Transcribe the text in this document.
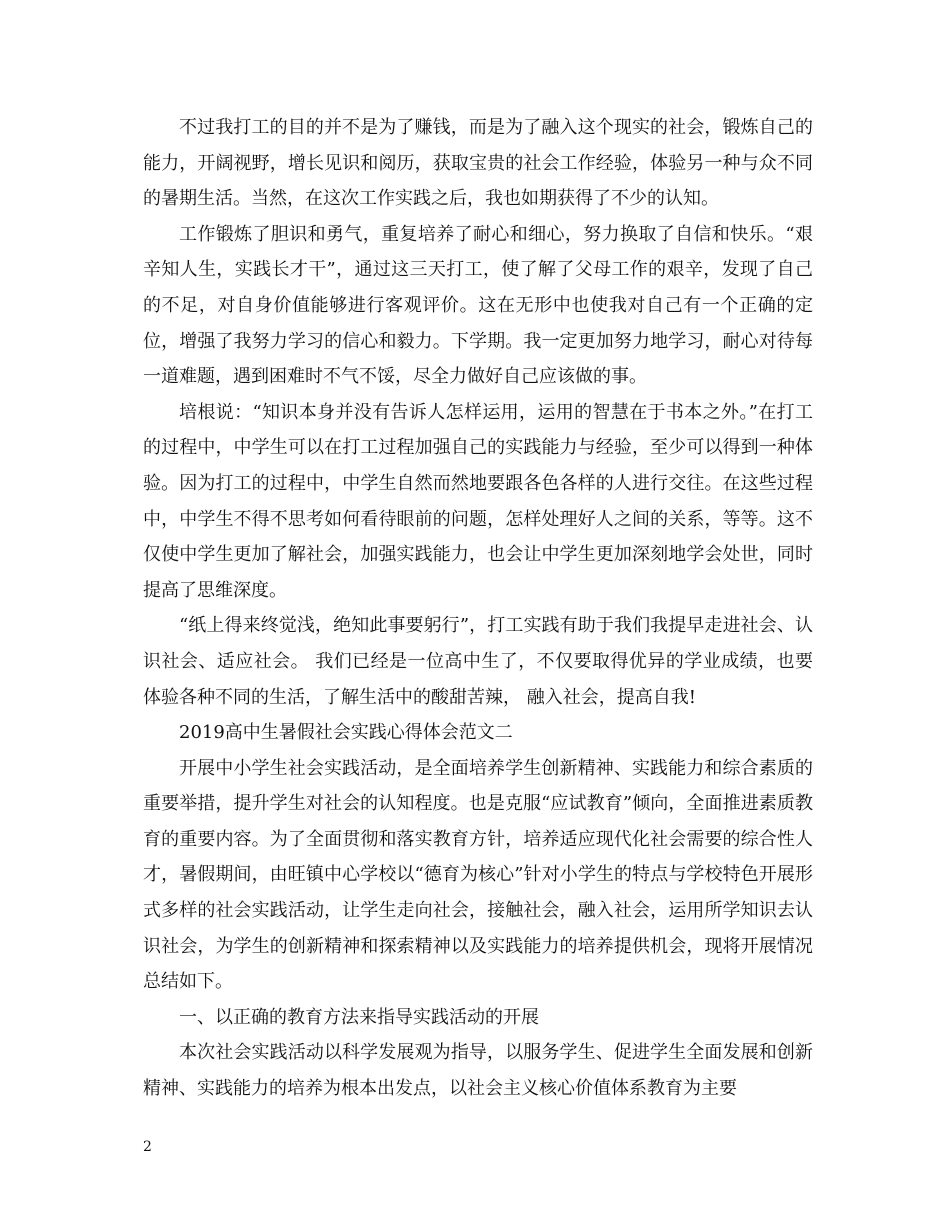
不过我打工的目的并不是为了赚钱，而是为了融入这个现实的社会，锻炼自己的能力，开阔视野，增长见识和阅历，获取宝贵的社会工作经验，体验另一种与众不同的暑期生活。当然，在这次工作实践之后，我也如期获得了不少的认知。

工作锻炼了胆识和勇气，重复培养了耐心和细心，努力换取了自信和快乐。“艰辛知人生，实践长才干”，通过这三天打工，使了解了父母工作的艰辛，发现了自己的不足，对自身价值能够进行客观评价。这在无形中也使我对自己有一个正确的定位，增强了我努力学习的信心和毅力。下学期。我一定更加努力地学习，耐心对待每一道难题，遇到困难时不气不馁，尽全力做好自己应该做的事。

培根说：“知识本身并没有告诉人怎样运用，运用的智慧在于书本之外。”在打工的过程中，中学生可以在打工过程加强自己的实践能力与经验，至少可以得到一种体验。因为打工的过程中，中学生自然而然地要跟各色各样的人进行交往。在这些过程中，中学生不得不思考如何看待眼前的问题，怎样处理好人之间的关系，等等。这不仅使中学生更加了解社会，加强实践能力，也会让中学生更加深刻地学会处世，同时提高了思维深度。

“纸上得来终觉浅，绝知此事要躬行”，打工实践有助于我们我提早走进社会、认识社会、适应社会。 我们已经是一位高中生了，不仅要取得优异的学业成绩，也要体验各种不同的生活，了解生活中的酸甜苦辣， 融入社会，提高自我!

2019高中生暑假社会实践心得体会范文二

开展中小学生社会实践活动，是全面培养学生创新精神、实践能力和综合素质的重要举措，提升学生对社会的认知程度。也是克服“应试教育”倾向，全面推进素质教育的重要内容。为了全面贯彻和落实教育方针，培养适应现代化社会需要的综合性人才，暑假期间，由旺镇中心学校以“德育为核心”针对小学生的特点与学校特色开展形式多样的社会实践活动，让学生走向社会，接触社会，融入社会，运用所学知识去认识社会，为学生的创新精神和探索精神以及实践能力的培养提供机会，现将开展情况总结如下。

一、以正确的教育方法来指导实践活动的开展

本次社会实践活动以科学发展观为指导，以服务学生、促进学生全面发展和创新精神、实践能力的培养为根本出发点，以社会主义核心价值体系教育为主要

2
